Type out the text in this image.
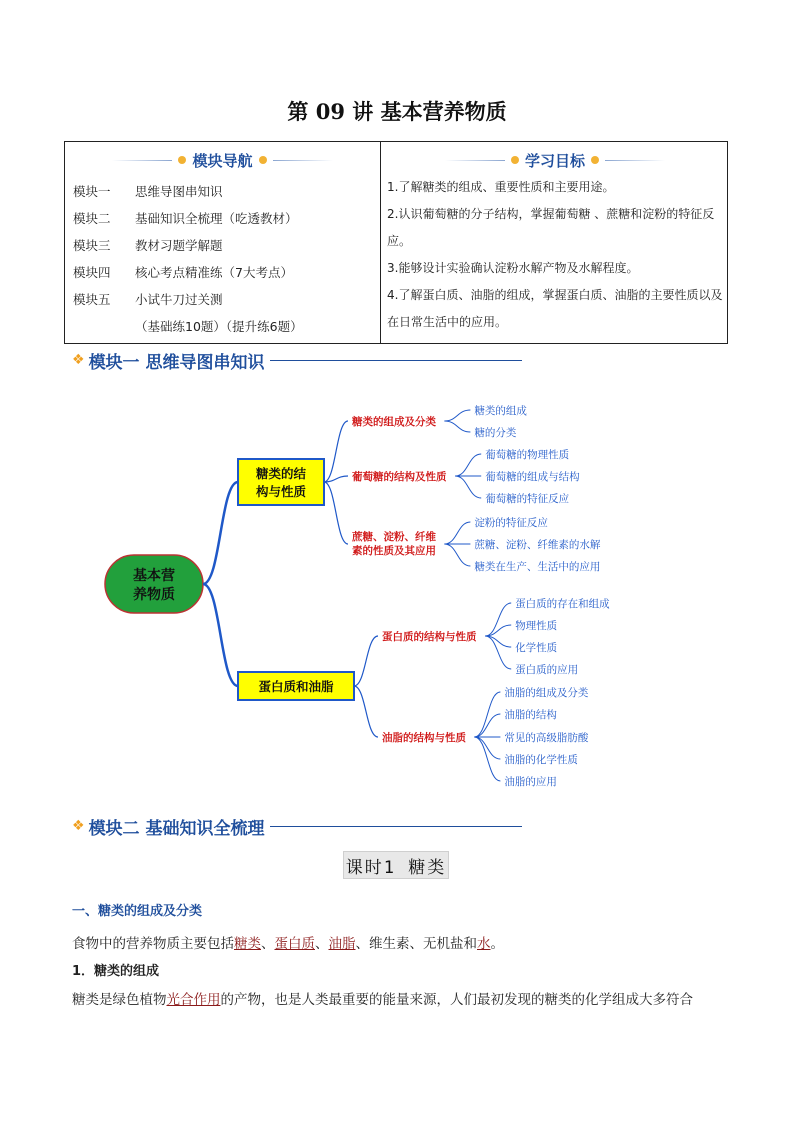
第 09 讲 基本营养物质
模块导航	学习目标
模块一 思维导图串知识
模块二 基础知识全梳理（吃透教材）
模块三 教材习题学解题
模块四 核心考点精准练（7大考点）
模块五 小试牛刀过关测
（基础练10题）（提升练6题）
1.了解糖类的组成、重要性质和主要用途。
2.认识葡萄糖的分子结构，掌握葡萄糖 、蔗糖和淀粉的特征反应。
3.能够设计实验确认淀粉水解产物及水解程度。
4.了解蛋白质、油脂的组成，掌握蛋白质、油脂的主要性质以及在日常生活中的应用。
❖ 模块一 思维导图串知识
基本营
养物质
糖类的结
构与性质
糖类的组成及分类
糖类的组成
糖的分类
葡萄糖的结构及性质
葡萄糖的物理性质
葡萄糖的组成与结构
葡萄糖的特征反应
蔗糖、淀粉、纤维
素的性质及其应用
淀粉的特征反应
蔗糖、淀粉、纤维素的水解
糖类在生产、生活中的应用
蛋白质和油脂
蛋白质的结构与性质
蛋白质的存在和组成
物理性质
化学性质
蛋白质的应用
油脂的结构与性质
油脂的组成及分类
油脂的结构
常见的高级脂肪酸
油脂的化学性质
油脂的应用
❖ 模块二 基础知识全梳理
课时1 糖类
一、糖类的组成及分类
食物中的营养物质主要包括糖类、蛋白质、油脂、维生素、无机盐和水。
1．糖类的组成
糖类是绿色植物光合作用的产物，也是人类最重要的能量来源，人们最初发现的糖类的化学组成大多符合
